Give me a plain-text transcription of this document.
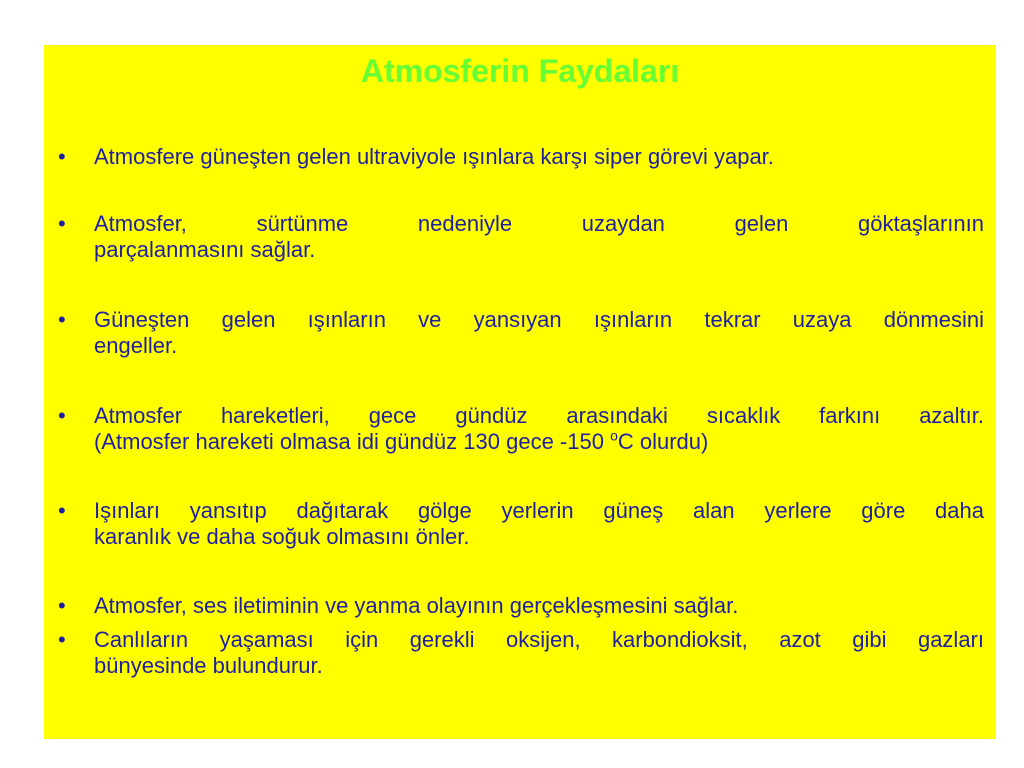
Atmosferin Faydaları
•	Atmosfere güneşten gelen ultraviyole ışınlara karşı siper görevi yapar.
•	Atmosfer, sürtünme nedeniyle uzaydan gelen göktaşlarının
parçalanmasını sağlar.
•	Güneşten gelen ışınların ve yansıyan ışınların tekrar uzaya dönmesini
engeller.
•	Atmosfer hareketleri, gece gündüz arasındaki sıcaklık farkını azaltır.
(Atmosfer hareketi olmasa idi gündüz 130 gece -150 $^o$C olurdu)
•	Işınları yansıtıp dağıtarak gölge yerlerin güneş alan yerlere göre daha
karanlık ve daha soğuk olmasını önler.
•	Atmosfer, ses iletiminin ve yanma olayının gerçekleşmesini sağlar.
•	Canlıların yaşaması için gerekli oksijen, karbondioksit, azot gibi gazları
bünyesinde bulundurur.
